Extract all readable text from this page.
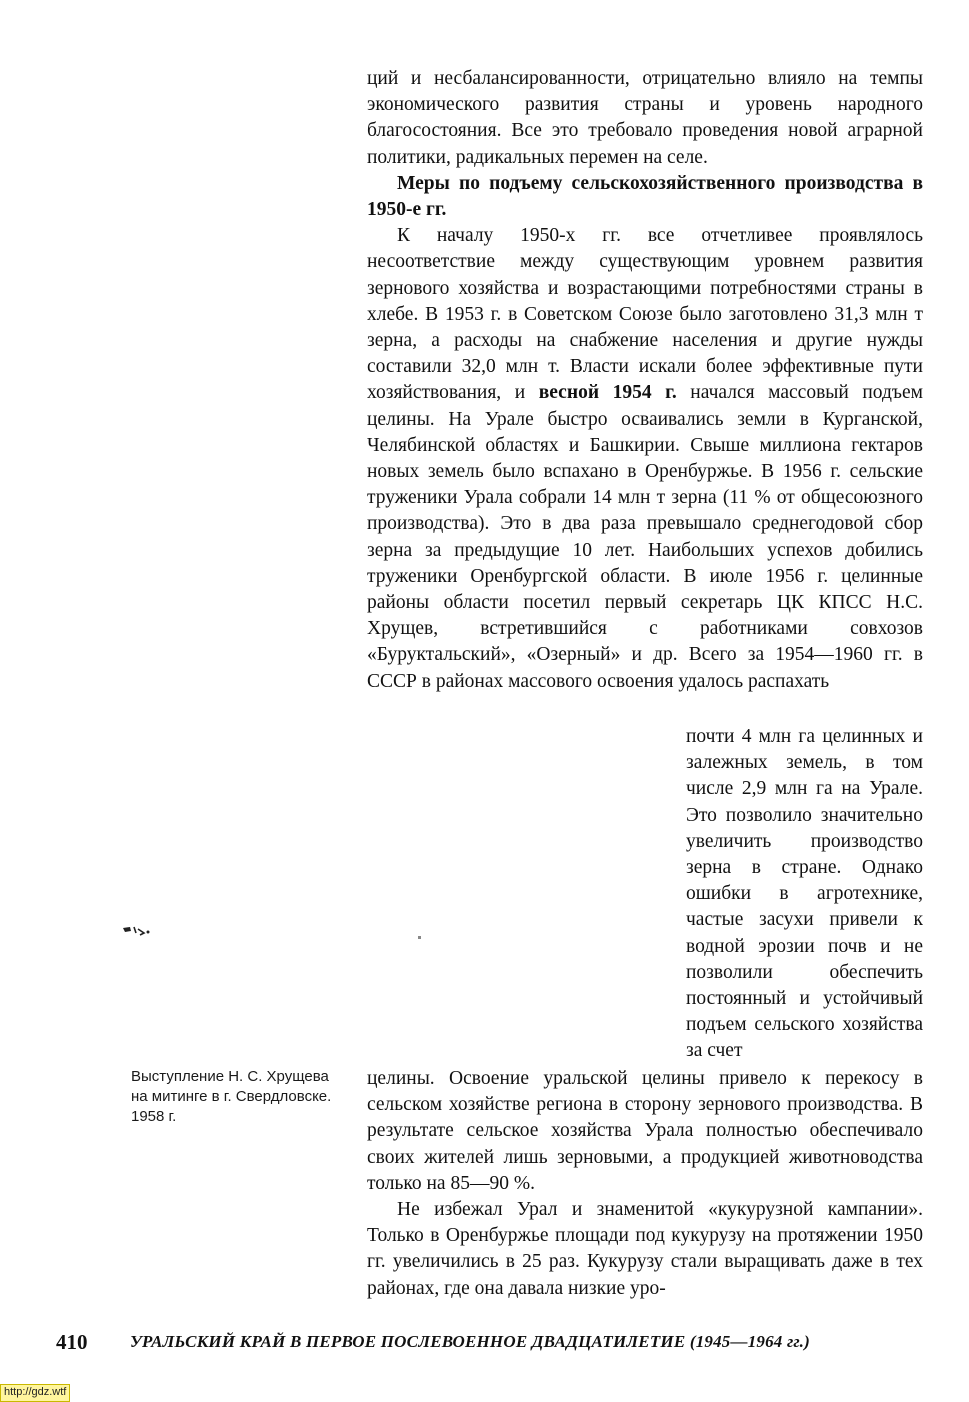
ций и несбалансированности, отрицательно влияло на темпы экономического развития страны и уровень народного благосостояния. Все это требовало проведения новой аграрной политики, радикальных перемен на селе.

Меры по подъему сельскохозяйственного производства в 1950-е гг.

К началу 1950-х гг. все отчетливее проявлялось несоответствие между существующим уровнем развития зернового хозяйства и возрастающими потребностями страны в хлебе. В 1953 г. в Советском Союзе было заготовлено 31,3 млн т зерна, а расходы на снабжение населения и другие нужды составили 32,0 млн т. Власти искали более эффективные пути хозяйствования, и весной 1954 г. начался массовый подъем целины. На Урале быстро осваивались земли в Курганской, Челябинской областях и Башкирии. Свыше миллиона гектаров новых земель было вспахано в Оренбуржье. В 1956 г. сельские труженики Урала собрали 14 млн т зерна (11 % от общесоюзного производства). Это в два раза превышало среднегодовой сбор зерна за предыдущие 10 лет. Наибольших успехов добились труженики Оренбургской области. В июле 1956 г. целинные районы области посетил первый секретарь ЦК КПСС Н.С. Хрущев, встретившийся с работниками совхозов «Буруктальский», «Озерный» и др. Всего за 1954—1960 гг. в СССР в районах массового освоения удалось распахать

почти 4 млн га целинных и залежных земель, в том числе 2,9 млн га на Урале. Это позволило значительно увеличить производство зерна в стране. Однако ошибки в агротехнике, частые засухи привели к водной эрозии почв и не позволили обеспечить постоянный и устойчивый подъем сельского хозяйства за счет

Выступление Н. С. Хрущева на митинге в г. Свердловске. 1958 г.

целины. Освоение уральской целины привело к перекосу в сельском хозяйстве региона в сторону зернового производства. В результате сельское хозяйства Урала полностью обеспечивало своих жителей лишь зерновыми, а продукцией животноводства только на 85—90 %.

Не избежал Урал и знаменитой «кукурузной кампании». Только в Оренбуржье площади под кукурузу на протяжении 1950 гг. увеличились в 25 раз. Кукурузу стали выращивать даже в тех районах, где она давала низкие уро-

410	УРАЛЬСКИЙ КРАЙ В ПЕРВОЕ ПОСЛЕВОЕННОЕ ДВАДЦАТИЛЕТИЕ (1945—1964 гг.)
http://gdz.wtf
